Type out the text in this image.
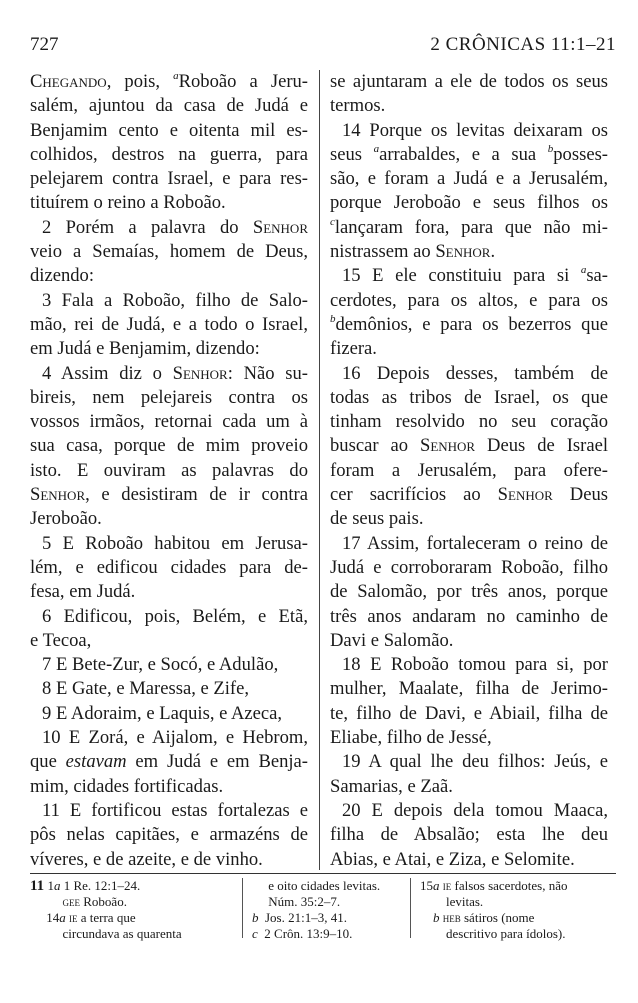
727	2 CRÔNICAS 11:1–21
Chegando, pois, $^a$Roboão a Jeru-
salém, ajuntou da casa de Judá e
Benjamim cento e oitenta mil es-
colhidos, destros na guerra, para
pelejarem contra Israel, e para res-
tituírem o reino a Roboão.
2 Porém a palavra do Senhor
veio a Semaías, homem de Deus,
dizendo:
3 Fala a Roboão, filho de Salo-
mão, rei de Judá, e a todo o Israel,
em Judá e Benjamim, dizendo:
4 Assim diz o Senhor: Não su-
bireis, nem pelejareis contra os
vossos irmãos, retornai cada um à
sua casa, porque de mim proveio
isto. E ouviram as palavras do
Senhor, e desistiram de ir contra
Jeroboão.
5 E Roboão habitou em Jerusa-
lém, e edificou cidades para de-
fesa, em Judá.
6 Edificou, pois, Belém, e Etã,
e Tecoa,
7 E Bete-Zur, e Socó, e Adulão,
8 E Gate, e Maressa, e Zife,
9 E Adoraim, e Laquis, e Azeca,
10 E Zorá, e Aijalom, e Hebrom,
que estavam em Judá e em Benja-
mim, cidades fortificadas.
11 E fortificou estas fortalezas e
pôs nelas capitães, e armazéns de
víveres, e de azeite, e de vinho.
se ajuntaram a ele de todos os seus
termos.
14 Porque os levitas deixaram os
seus $^a$arrabaldes, e a sua $^b$posses-
são, e foram a Judá e a Jerusalém,
porque Jeroboão e seus filhos os
$^c$lançaram fora, para que não mi-
nistrassem ao Senhor.
15 E ele constituiu para si $^a$sa-
cerdotes, para os altos, e para os
$^b$demônios, e para os bezerros que
fizera.
16 Depois desses, também de
todas as tribos de Israel, os que
tinham resolvido no seu coração
buscar ao Senhor Deus de Israel
foram a Jerusalém, para ofere-
cer sacrifícios ao Senhor Deus
de seus pais.
17 Assim, fortaleceram o reino de
Judá e corroboraram Roboão, filho
de Salomão, por três anos, porque
três anos andaram no caminho de
Davi e Salomão.
18 E Roboão tomou para si, por
mulher, Maalate, filha de Jerimo-
te, filho de Davi, e Abiail, filha de
Eliabe, filho de Jessé,
19 A qual lhe deu filhos: Jeús, e
Samarias, e Zaã.
20 E depois dela tomou Maaca,
filha de Absalão; esta lhe deu
Abias, e Atai, e Ziza, e Selomite.
11 1a 1 Re. 12:1–24.
gee Roboão.
14a ie a terra que
circundava as quarenta
e oito cidades levitas.
Núm. 35:2–7.
b  Jos. 21:1–3, 41.
c  2 Crôn. 13:9–10.
15a ie falsos sacerdotes, não
levitas.
b heb sátiros (nome
descritivo para ídolos).
